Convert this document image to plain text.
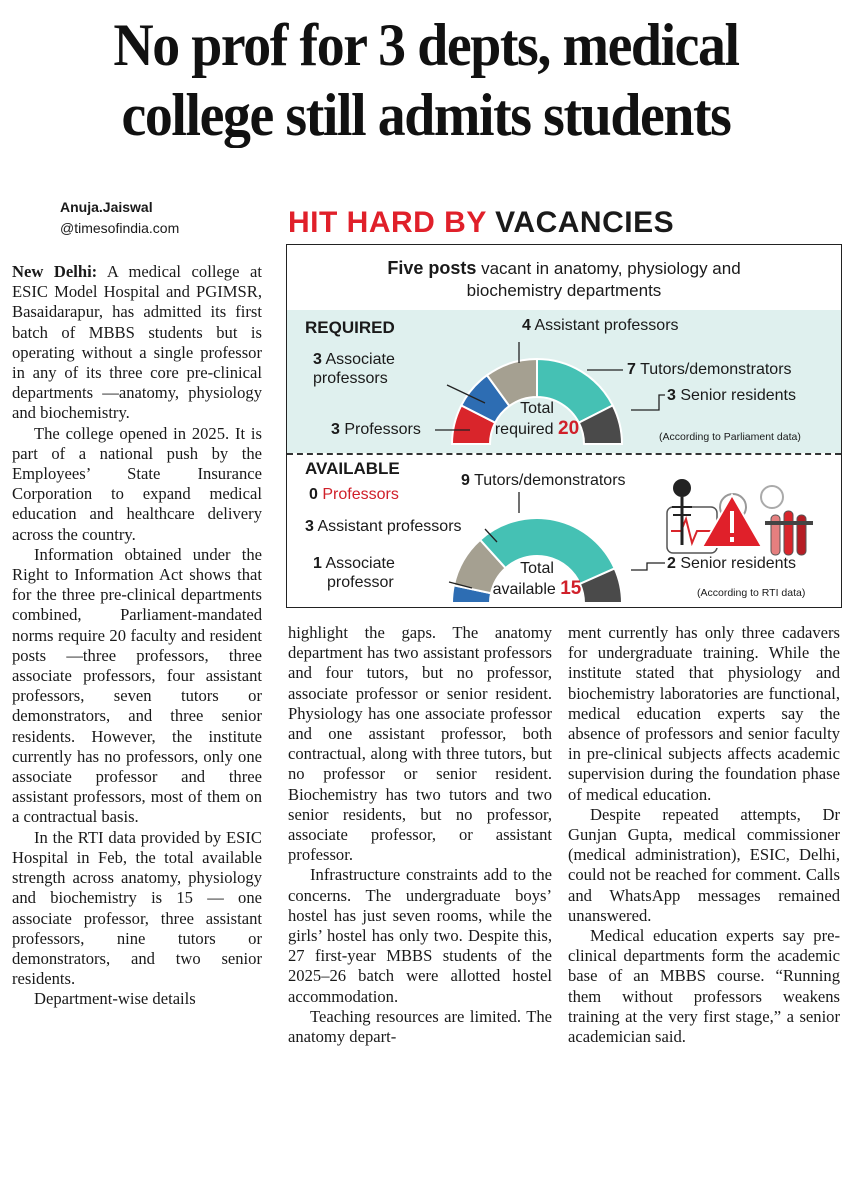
No prof for 3 depts, medical
college still admits students
Anuja.Jaiswal
@timesofindia.com	HIT HARD BY VACANCIES
Five posts vacant in anatomy, physiology and
biochemistry departments
REQUIRED	4 Assistant professors
3 Associate
professors
7 Tutors/demonstrators
3 Senior residents
3 Professors
Total
required 20	(According to Parliament data)
AVAILABLE
0 Professors
9 Tutors/demonstrators
3 Assistant professors
1 Associate
professor
2 Senior residents
Total
available 15	(According to RTI data)

New Delhi: A medical college at ESIC Model Hospital and PGIMSR, Basaidarapur, has admitted its first batch of MBBS students but is operating without a single professor in any of its three core pre-clinical departments —anatomy, physiology and biochemistry.

The college opened in 2025. It is part of a national push by the Employees’ State Insurance Corporation to expand medical education and healthcare delivery across the country.

Information obtained under the Right to Information Act shows that for the three pre-clinical departments combined, Parliament-mandated norms require 20 faculty and resident posts —three professors, three associate professors, four assistant professors, seven tutors or demonstrators, and three senior residents. However, the institute currently has no professors, only one associate professor and three assistant professors, most of them on a contractual basis.

In the RTI data provided by ESIC Hospital in Feb, the total available strength across anatomy, physiology and biochemistry is 15 — one associate professor, three assistant professors, nine tutors or demonstrators, and two senior residents.

Department-wise details

highlight the gaps. The anatomy department has two assistant professors and four tutors, but no professor, associate professor or senior resident. Physiology has one associate professor and one assistant professor, both contractual, along with three tutors, but no professor or senior resident. Biochemistry has two tutors and two senior residents, but no professor, associate professor, or assistant professor.

Infrastructure constraints add to the concerns. The undergraduate boys’ hostel has just seven rooms, while the girls’ hostel has only two. Despite this, 27 first-year MBBS students of the 2025–26 batch were allotted hostel accommodation.

Teaching resources are limited. The anatomy depart-

ment currently has only three cadavers for undergraduate training. While the institute stated that physiology and biochemistry laboratories are functional, medical education experts say the absence of professors and senior faculty in pre-clinical subjects affects academic supervision during the foundation phase of medical education.

Despite repeated attempts, Dr Gunjan Gupta, medical commissioner (medical administration), ESIC, Delhi, could not be reached for comment. Calls and WhatsApp messages remained unanswered.

Medical education experts say pre-clinical departments form the academic base of an MBBS course. “Running them without professors weakens training at the very first stage,” a senior academician said.
